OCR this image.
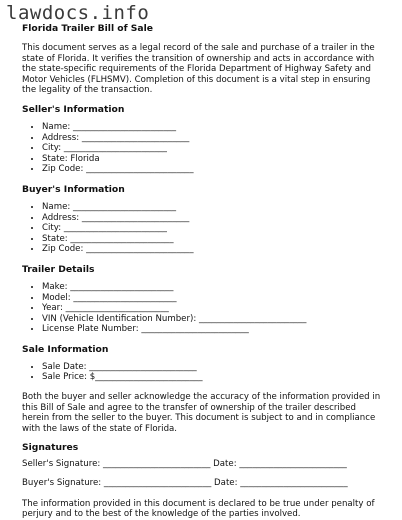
lawdocs.info
Florida Trailer Bill of Sale

This document serves as a legal record of the sale and purchase of a trailer in the state of Florida. It verifies the transition of ownership and acts in accordance with the state-specific requirements of the Florida Department of Highway Safety and Motor Vehicles (FLHSMV). Completion of this document is a vital step in ensuring the legality of the transaction.

Seller's Information
• Name: ________________________
• Address: _________________________
• City: ________________________
• State: Florida
• Zip Code: _________________________
Buyer's Information
• Name: ________________________
• Address: _________________________
• City: ________________________
• State: ________________________
• Zip Code: _________________________
Trailer Details
• Make: ________________________
• Model: ________________________
• Year: ________________________
• VIN (Vehicle Identification Number): _________________________
• License Plate Number: _________________________
Sale Information
• Sale Date: _________________________
• Sale Price: $_________________________

Both the buyer and seller acknowledge the accuracy of the information provided in this Bill of Sale and agree to the transfer of ownership of the trailer described herein from the seller to the buyer. This document is subject to and in compliance with the laws of the state of Florida.

Signatures

Seller's Signature: _________________________ Date: _________________________

Buyer's Signature: _________________________ Date: _________________________

The information provided in this document is declared to be true under penalty of perjury and to the best of the knowledge of the parties involved.
